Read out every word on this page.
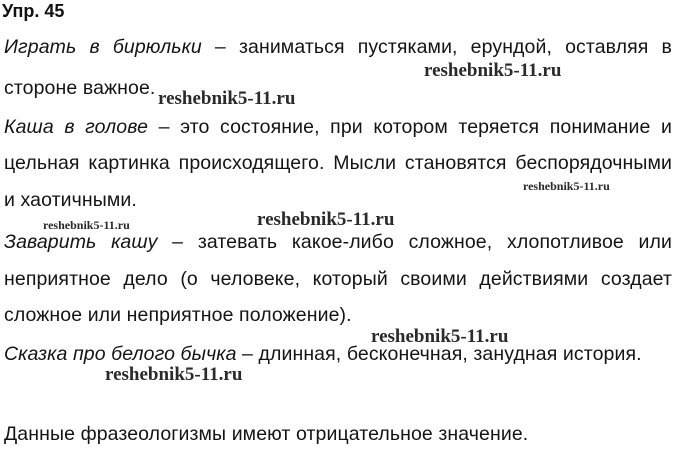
Упр. 45
Играть в бирюльки – заниматься пустяками, ерундой, оставляя в
стороне важное.
Каша в голове – это состояние, при котором теряется понимание и
цельная картинка происходящего. Мысли становятся беспорядочными
и хаотичными.
Заварить кашу – затевать какое-либо сложное, хлопотливое или
неприятное дело (о человеке, который своими действиями создает
сложное или неприятное положение).
Сказка про белого бычка – длинная, бесконечная, занудная история.
Данные фразеологизмы имеют отрицательное значение.
reshebnik5-11.ru
reshebnik5-11.ru
reshebnik5-11.ru
reshebnik5-11.ru	reshebnik5-11.ru
reshebnik5-11.ru
reshebnik5-11.ru
